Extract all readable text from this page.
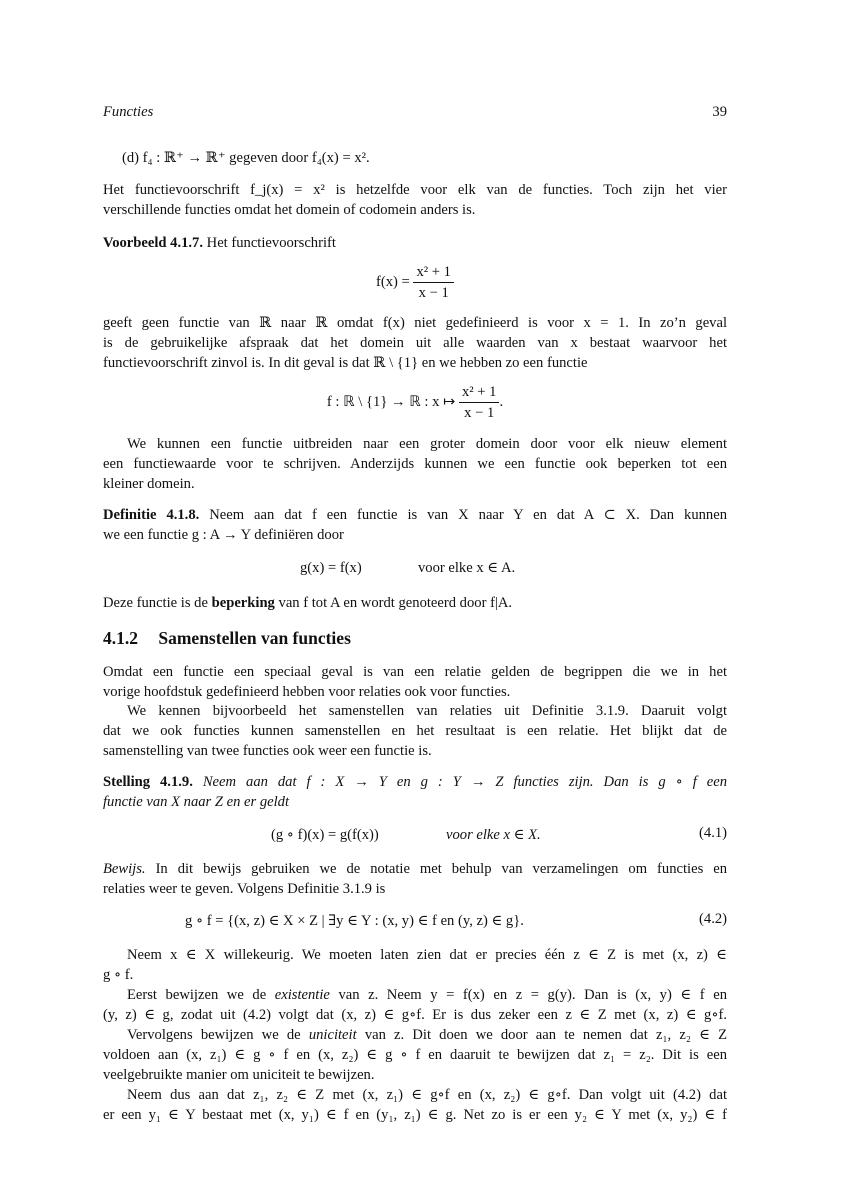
Functies	39
(d) f₄ : ℝ⁺ → ℝ⁺ gegeven door f₄(x) = x².
Het functievoorschrift f_j(x) = x² is hetzelfde voor elk van de functies. Toch zijn het vier
verschillende functies omdat het domein of codomein anders is.
Voorbeeld 4.1.7. Het functievoorschrift
$f(x) = \frac{\text{x² + 1}}{x - 1}$
geeft geen functie van ℝ naar ℝ omdat f(x) niet gedefinieerd is voor x = 1. In zo’n geval
is de gebruikelijke afspraak dat het domein uit alle waarden van x bestaat waarvoor het
functievoorschrift zinvol is. In dit geval is dat ℝ \ {1} en we hebben zo een functie
f : ℝ \ {1} → ℝ : x ↦ $\frac{\text{x² + 1}}{x - 1}$ .
We kunnen een functie uitbreiden naar een groter domein door voor elk nieuw element
een functiewaarde voor te schrijven. Anderzijds kunnen we een functie ook beperken tot een
kleiner domein.
Definitie 4.1.8. Neem aan dat f een functie is van X naar Y en dat A ⊂ X. Dan kunnen
we een functie g : A → Y definiëren door
g(x) = f(x)	voor elke x ∈ A.
Deze functie is de beperking van f tot A en wordt genoteerd door f|A.
4.1.2 Samenstellen van functies
Omdat een functie een speciaal geval is van een relatie gelden de begrippen die we in het
vorige hoofdstuk gedefinieerd hebben voor relaties ook voor functies.
We kennen bijvoorbeeld het samenstellen van relaties uit Definitie 3.1.9. Daaruit volgt
dat we ook functies kunnen samenstellen en het resultaat is een relatie. Het blijkt dat de
samenstelling van twee functies ook weer een functie is.
Stelling 4.1.9. Neem aan dat f : X → Y en g : Y → Z functies zijn. Dan is g ∘ f een
functie van X naar Z en er geldt
(g ∘ f)(x) = g(f(x))	voor elke x ∈ X.	(4.1)
Bewijs. In dit bewijs gebruiken we de notatie met behulp van verzamelingen om functies en
relaties weer te geven. Volgens Definitie 3.1.9 is
g ∘ f = {(x, z) ∈ X × Z | ∃y ∈ Y : (x, y) ∈ f en (y, z) ∈ g}.	(4.2)
Neem x ∈ X willekeurig. We moeten laten zien dat er precies één z ∈ Z is met (x, z) ∈
g ∘ f.
Eerst bewijzen we de existentie van z. Neem y = f(x) en z = g(y). Dan is (x, y) ∈ f en
(y, z) ∈ g, zodat uit (4.2) volgt dat (x, z) ∈ g∘f. Er is dus zeker een z ∈ Z met (x, z) ∈ g∘f.
Vervolgens bewijzen we de uniciteit van z. Dit doen we door aan te nemen dat z₁, z₂ ∈ Z
voldoen aan (x, z₁) ∈ g ∘ f en (x, z₂) ∈ g ∘ f en daaruit te bewijzen dat z₁ = z₂. Dit is een
veelgebruikte manier om uniciteit te bewijzen.
Neem dus aan dat z₁, z₂ ∈ Z met (x, z₁) ∈ g∘f en (x, z₂) ∈ g∘f. Dan volgt uit (4.2) dat
er een y₁ ∈ Y bestaat met (x, y₁) ∈ f en (y₁, z₁) ∈ g. Net zo is er een y₂ ∈ Y met (x, y₂) ∈ f
